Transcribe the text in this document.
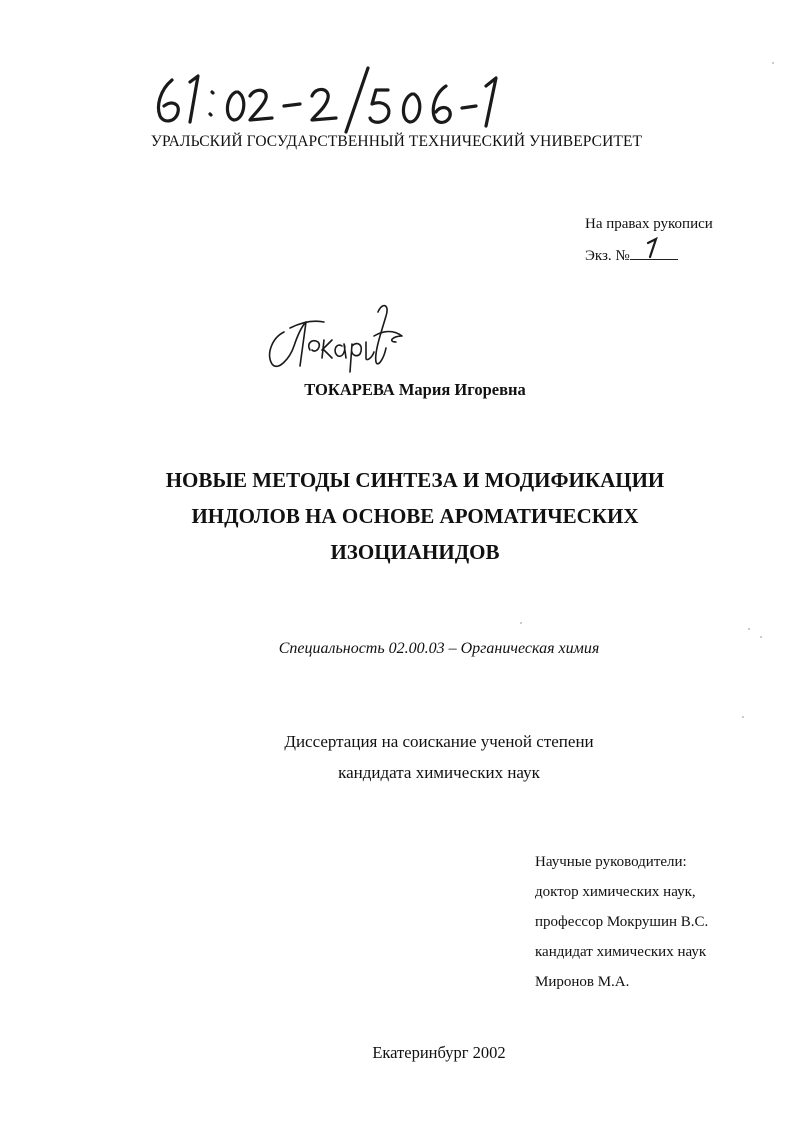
УРАЛЬСКИЙ ГОСУДАРСТВЕННЫЙ ТЕХНИЧЕСКИЙ УНИВЕРСИТЕТ
На правах рукописи
Экз. №
ТОКАРЕВА Мария Игоревна
НОВЫЕ МЕТОДЫ СИНТЕЗА И МОДИФИКАЦИИ
ИНДОЛОВ НА ОСНОВЕ АРОМАТИЧЕСКИХ
ИЗОЦИАНИДОВ
Специальность 02.00.03 – Органическая химия
Диссертация на соискание ученой степени
кандидата химических наук
Научные руководители:
доктор химических наук,
профессор Мокрушин В.С.
кандидат химических наук
Миронов М.А.
Екатеринбург 2002
